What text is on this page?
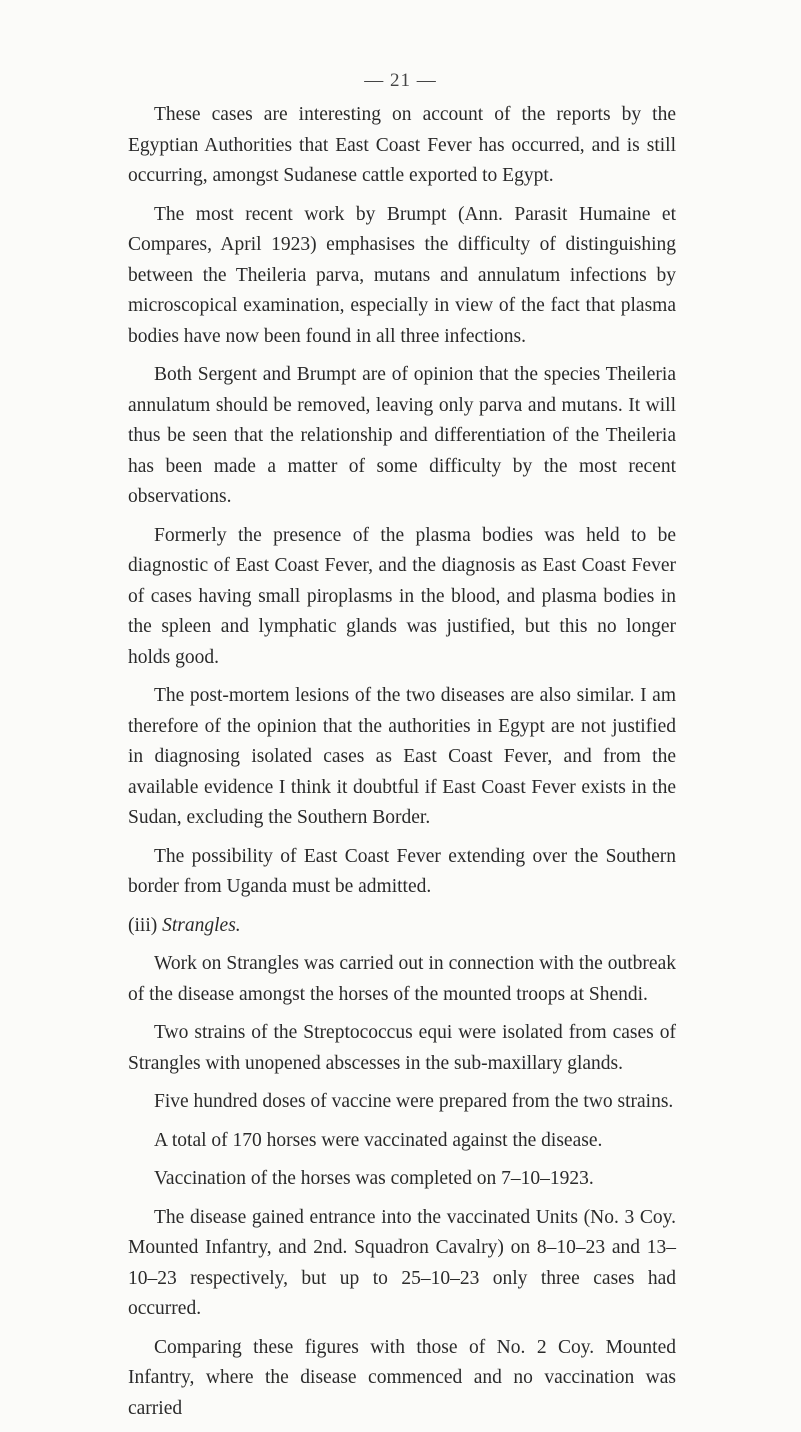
— 21 —

These cases are interesting on account of the reports by the Egyptian Authorities that East Coast Fever has occurred, and is still occurring, amongst Sudanese cattle exported to Egypt.

The most recent work by Brumpt (Ann. Parasit Humaine et Compares, April 1923) emphasises the difficulty of distinguishing between the Theileria parva, mutans and annulatum infections by microscopical examination, especially in view of the fact that plasma bodies have now been found in all three infections.

Both Sergent and Brumpt are of opinion that the species Theileria annulatum should be removed, leaving only parva and mutans. It will thus be seen that the relationship and differentiation of the Theileria has been made a matter of some difficulty by the most recent observations.

Formerly the presence of the plasma bodies was held to be diagnostic of East Coast Fever, and the diagnosis as East Coast Fever of cases having small piroplasms in the blood, and plasma bodies in the spleen and lymphatic glands was justified, but this no longer holds good.

The post-mortem lesions of the two diseases are also similar. I am therefore of the opinion that the authorities in Egypt are not justified in diagnosing isolated cases as East Coast Fever, and from the available evidence I think it doubtful if East Coast Fever exists in the Sudan, excluding the Southern Border.

The possibility of East Coast Fever extending over the Southern border from Uganda must be admitted.

(iii) Strangles.

Work on Strangles was carried out in connection with the outbreak of the disease amongst the horses of the mounted troops at Shendi.

Two strains of the Streptococcus equi were isolated from cases of Strangles with unopened abscesses in the sub-maxillary glands.

Five hundred doses of vaccine were prepared from the two strains.

A total of 170 horses were vaccinated against the disease.

Vaccination of the horses was completed on 7–10–1923.

The disease gained entrance into the vaccinated Units (No. 3 Coy. Mounted Infantry, and 2nd. Squadron Cavalry) on 8–10–23 and 13–10–23 respectively, but up to 25–10–23 only three cases had occurred.

Comparing these figures with those of No. 2 Coy. Mounted Infantry, where the disease commenced and no vaccination was carried
